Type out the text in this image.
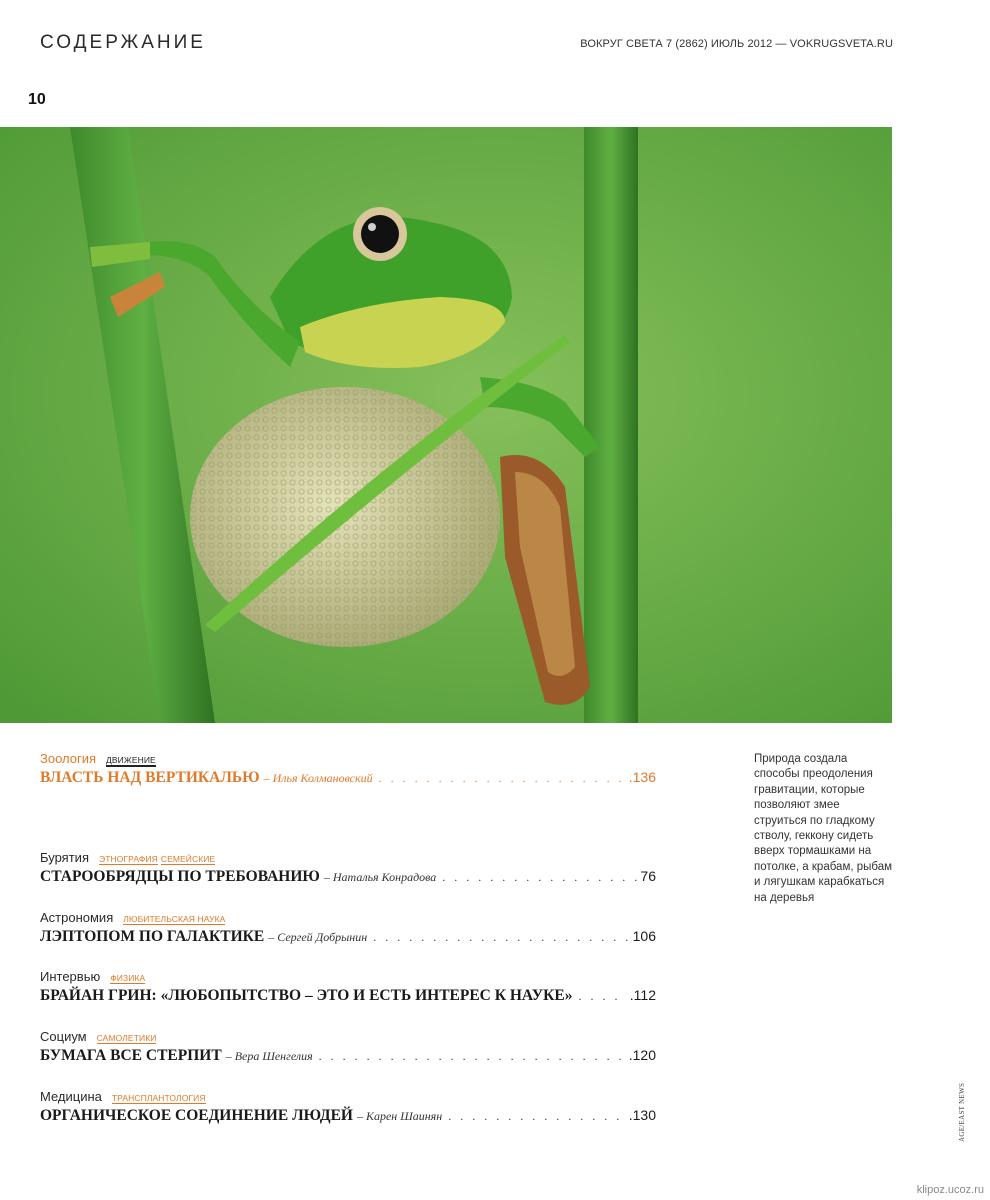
СОДЕРЖАНИЕ	ВОКРУГ СВЕТА 7 (2862) ИЮЛЬ 2012 — VOKRUGSVETA.RU
10
Зоология ДВИЖЕНИЕ
ВЛАСТЬ НАД ВЕРТИКАЛЬЮ – Илья Колмановский . . .	.136
Бурятия ЭТНОГРАФИЯ СЕМЕЙСКИЕ
СТАРООБРЯДЦЫ ПО ТРЕБОВАНИЮ – Наталья Конрадова . . .	76
Астрономия ЛЮБИТЕЛЬСКАЯ НАУКА
ЛЭПТОПОМ ПО ГАЛАКТИКЕ – Сергей Добрынин . . .	106
Интервью ФИЗИКА
БРАЙАН ГРИН: «ЛЮБОПЫТСТВО – ЭТО И ЕСТЬ ИНТЕРЕС К НАУКЕ» . . .	.112
Социум САМОЛЕТИКИ
БУМАГА ВСЕ СТЕРПИТ – Вера Шенгелия . . .	.120
Медицина ТРАНСПЛАНТОЛОГИЯ
ОРГАНИЧЕСКОЕ СОЕДИНЕНИЕ ЛЮДЕЙ – Карен Шаинян . . .	.130
Природа создала способы преодоления гравитации, которые позволяют змее струиться по гладкому стволу, геккону сидеть вверх тормашками на потолке, а крабам, рыбам и лягушкам карабкаться на деревья
AGE/EAST NEWS
klipoz.ucoz.ru
